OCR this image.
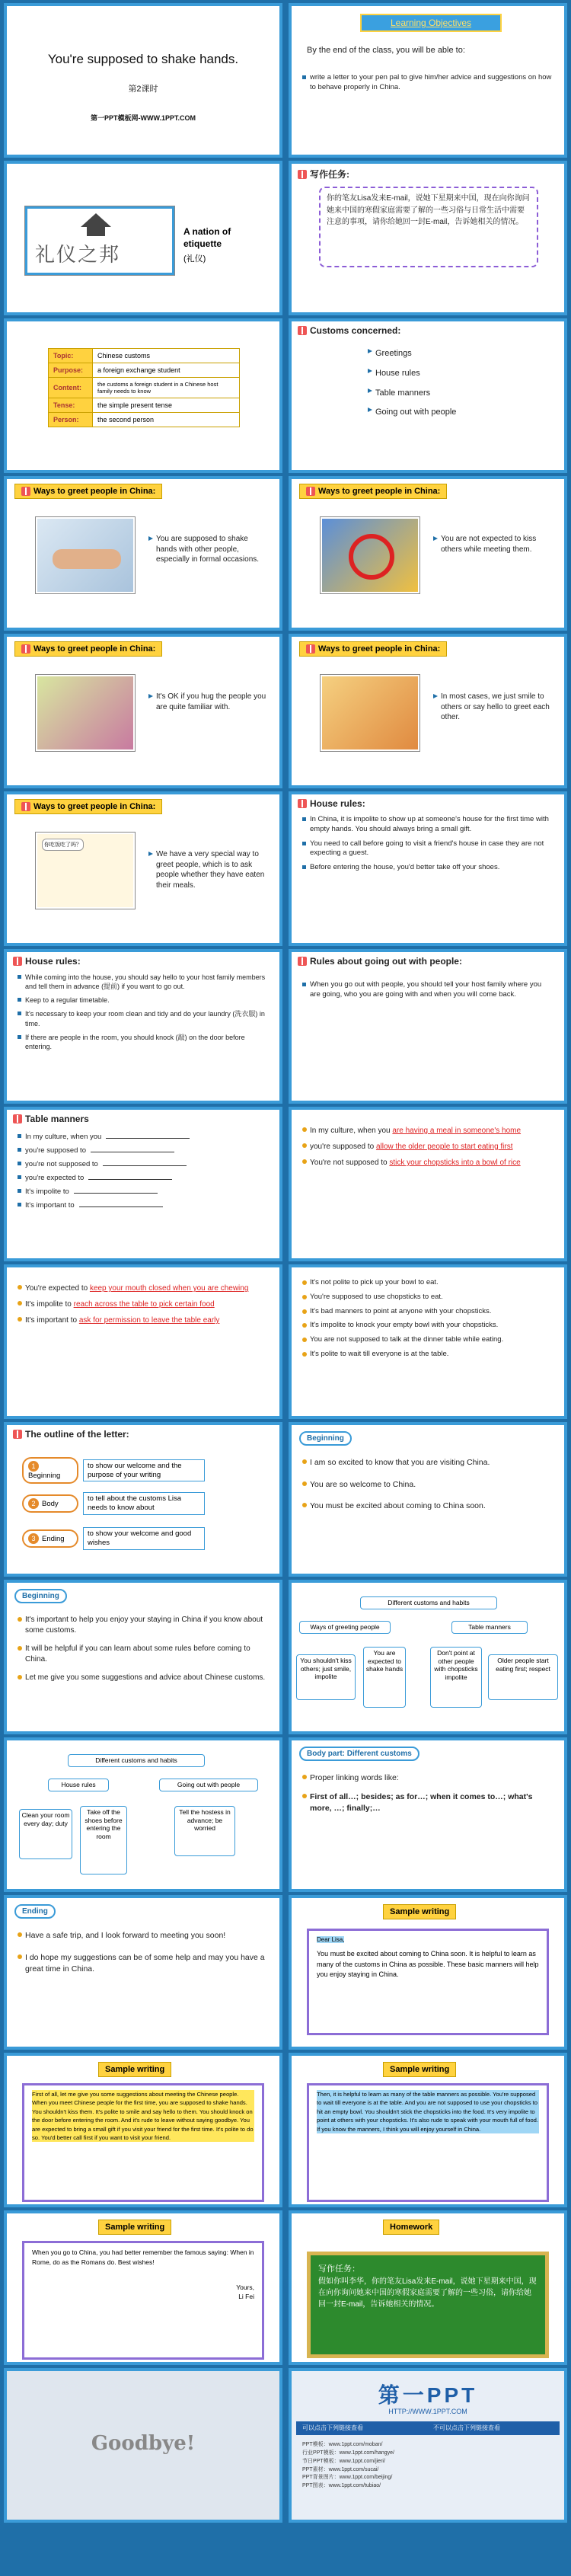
You're supposed to shake hands.
第2课时
第一PPT模板网-WWW.1PPT.COM
Learning Objectives
By the end of the class, you will be able to:
write a letter to your pen pal to give him/her advice and suggestions on how to behave properly in China.
礼仪之邦
A nation of etiquette
(礼仪)
写作任务:
你的笔友Lisa发来E-mail，说她下星期来中国，现在向你询问她来中国的寒假家庭需要了解的一些习俗与日常生活中需要注意的事项，请你给她回一封E-mail，告诉她相关的情况。
Topic:	Chinese customs
Purpose:	a foreign exchange student
Content:	the customs a foreign student in a Chinese host family needs to know
Tense:	the simple present tense
Person:	the second person
Customs concerned:
Greetings
House rules
Table manners
Going out with people
Ways to greet people in China:
You are supposed to shake hands with other people, especially in formal occasions.
Ways to greet people in China:
You are not expected to kiss others while meeting them.
Ways to greet people in China:
It's OK if you hug the people you are quite familiar with.
Ways to greet people in China:
In most cases, we just smile to others or say hello to greet each other.
Ways to greet people in China:
你吃饭吃了吗？
We have a very special way to greet people, which is to ask people whether they have eaten their meals.
House rules:
In China, it is impolite to show up at someone's house for the first time with empty hands. You should always bring a small gift.
You need to call before going to visit a friend's house in case they are not expecting a guest.
Before entering the house, you'd better take off your shoes.
House rules:
While coming into the house, you should say hello to your host family members and tell them in advance (提前) if you want to go out.
Keep to a regular timetable.
It's necessary to keep your room clean and tidy and do your laundry (洗衣服) in time.
If there are people in the room, you should knock (敲) on the door before entering.
Rules about going out with people:
When you go out with people, you should tell your host family where you are going, who you are going with and when you will come back.
Table manners
In my culture, when you
you're supposed to
you're not supposed to
you're expected to
It's impolite to
It's important to
In my culture, when you are having a meal in someone's home
you're supposed to allow the older people to start eating first
You're not supposed to stick your chopsticks into a bowl of rice
You're expected to keep your mouth closed when you are chewing
It's impolite to reach across the table to pick certain food
It's important to ask for permission to leave the table early
It's not polite to pick up your bowl to eat.
You're supposed to use chopsticks to eat.
It's bad manners to point at anyone with your chopsticks.
It's impolite to knock your empty bowl with your chopsticks.
You are not supposed to talk at the dinner table while eating.
It's polite to wait till everyone is at the table.
The outline of the letter:
1Beginning
to show our welcome and the purpose of your writing
2 Body
to tell about the customs Lisa needs to know about
3 Ending
to show your welcome and good wishes
Beginning
I am so excited to know that you are visiting China.
You are so welcome to China.
You must be excited about coming to China soon.
Beginning
It's important to help you enjoy your staying in China if you know about some customs.
It will be helpful if you can learn about some rules before coming to China.
Let me give you some suggestions and advice about Chinese customs.
Different customs and habits
Ways of greeting people	Table manners
You shouldn't kiss others; just smile, impolite
You are expected to shake hands
Don't point at other people with chopsticks impolite
Older people start eating first; respect
Different customs and habits
House rules	Going out with people
Clean your room every day; duty
Take off the shoes before entering the room
Tell the hostess in advance; be worried
Body part: Different customs
Proper linking words like:
First of all…; besides; as for…; when it comes to…; what's more, …; finally;…
Ending
Have a safe trip, and I look forward to meeting you soon!
I do hope my suggestions can be of some help and may you have a great time in China.
Sample writing
Dear Lisa,

You must be excited about coming to China soon. It is helpful to learn as many of the customs in China as possible. These basic manners will help you enjoy staying in China.

Sample writing

First of all, let me give you some suggestions about meeting the Chinese people. When you meet Chinese people for the first time, you are supposed to shake hands. You shouldn't kiss them. It's polite to smile and say hello to them. You should knock on the door before entering the room. And it's rude to leave without saying goodbye. You are expected to bring a small gift if you visit your friend for the first time. It's polite to do so. You'd better call first if you want to visit your friend.

Sample writing

Then, it is helpful to learn as many of the table manners as possible. You're supposed to wait till everyone is at the table. And you are not supposed to use your chopsticks to hit an empty bowl. You shouldn't stick the chopsticks into the food. It's very impolite to point at others with your chopsticks. It's also rude to speak with your mouth full of food. If you know the manners, I think you will enjoy yourself in China.

Sample writing

When you go to China, you had better remember the famous saying: When in Rome, do as the Romans do. Best wishes!

Yours,

Li Fei

Homework
写作任务：
假如你叫李华，你的笔友Lisa发来E-mail，说她下星期来中国，现在向你询问她来中国的寒假家庭需要了解的一些习俗，请你给她回一封E-mail，告诉她相关的情况。
Goodbye!
第一PPT
HTTP://WWW.1PPT.COM
可以点击下列链接查看	不可以点击下列链接查看
PPT模板：www.1ppt.com/moban/
行业PPT模板：www.1ppt.com/hangye/
节日PPT模板：www.1ppt.com/jieri/
PPT素材：www.1ppt.com/sucai/
PPT背景图片：www.1ppt.com/beijing/
PPT图表：www.1ppt.com/tubiao/
